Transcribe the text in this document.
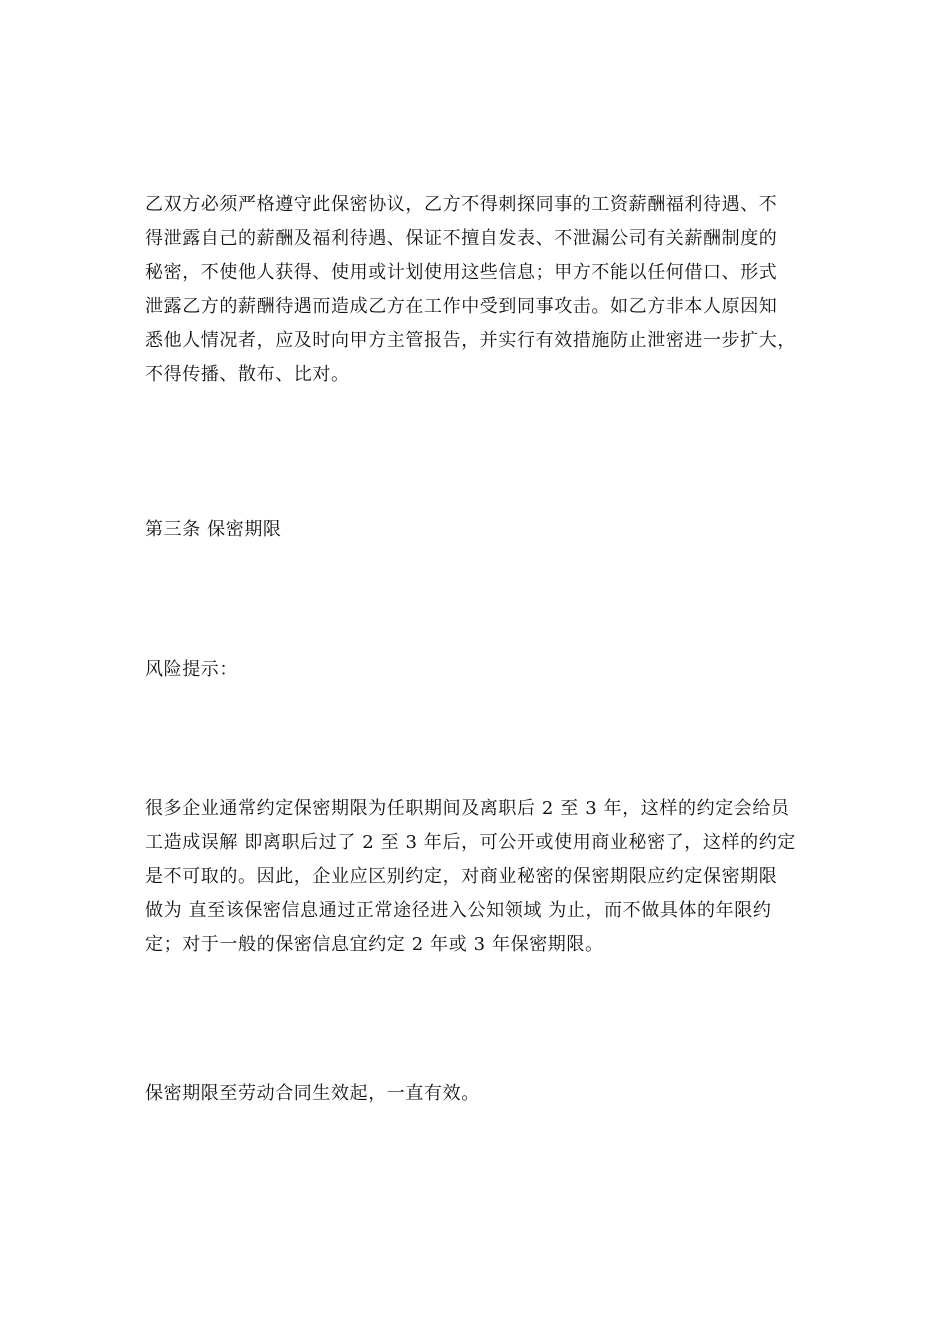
乙双方必须严格遵守此保密协议，乙方不得刺探同事的工资薪酬福利待遇、不
得泄露自己的薪酬及福利待遇、保证不擅自发表、不泄漏公司有关薪酬制度的
秘密，不使他人获得、使用或计划使用这些信息；甲方不能以任何借口、形式
泄露乙方的薪酬待遇而造成乙方在工作中受到同事攻击。如乙方非本人原因知
悉他人情况者，应及时向甲方主管报告，并实行有效措施防止泄密进一步扩大，
不得传播、散布、比对。
第三条 保密期限
风险提示：
很多企业通常约定保密期限为任职期间及离职后 2 至 3 年，这样的约定会给员
工造成误解 即离职后过了 2 至 3 年后，可公开或使用商业秘密了，这样的约定
是不可取的。因此，企业应区别约定，对商业秘密的保密期限应约定保密期限
做为 直至该保密信息通过正常途径进入公知领域 为止，而不做具体的年限约
定；对于一般的保密信息宜约定 2 年或 3 年保密期限。
保密期限至劳动合同生效起，一直有效。
